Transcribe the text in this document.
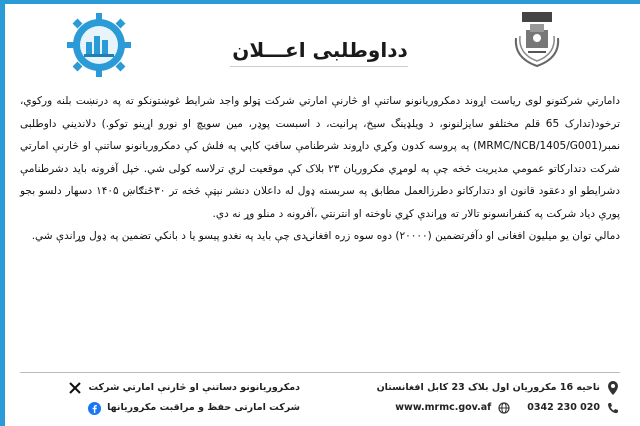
دداوطلبی اعـــلان

دامارتي شركتونو لوی رياست اړوند دمکروريانونو ساتنې او څارنې امارتي شرکت ټولو واجد شرایط غوښتونکو ته په درنښت بلنه ورکوي، ترخود(تدارک 65 قلم مختلفو سايزلنونو، د ويلډينگ سيخ، پرانيت، د اسبست پوډر، مين سويچ او نورو اړينو توکو.) دلانديني داوطلبی نمبر(MRMC/NCB/1405/G001) په پروسه کدون وکړي داړوند شرطنامې سافټ کاپي په فلش کې دمکروريانونو ساتنې او څارنې امارتي شركت دتداركاتو عمومي مديريت څخه چې په لومړي مكروريان ۲۳ بلاک کې موقعيت لري ترلاسه کولی شي. خپل آفرونه باید دشرطنامې دشرايطو او دعقود قانون او دتداركاتو دطرزالعمل مطابق په سربسته ډول له داعلان دنشر نېټې څخه تر ۳۰ځنګاښ ۱۴۰۵ دسهار دلسو بجو پورې دياد شرکت په کنفرانسونو تالار ته وړاندې کړي ناوخته او انترنتي ،آفرونه د منلو وړ نه دي.

دمالي توان يو میلیون افغانی او دآفرتضمين (۲۰۰۰۰) دوه سوه زره افغانۍ‌دی چې بايد په نغدو پيسو يا د بانکي تضمين په ډول وړاندې شي.

ناحیه 16 مکروریان اول بلاک 23 کابل افغانستان
020 230 0342
www.mrmc.gov.af
دمکروریانونو دساتنې او څارنې امارتي شرکت
شرکت امارتی حفظ و مراقبت مکروریانها
